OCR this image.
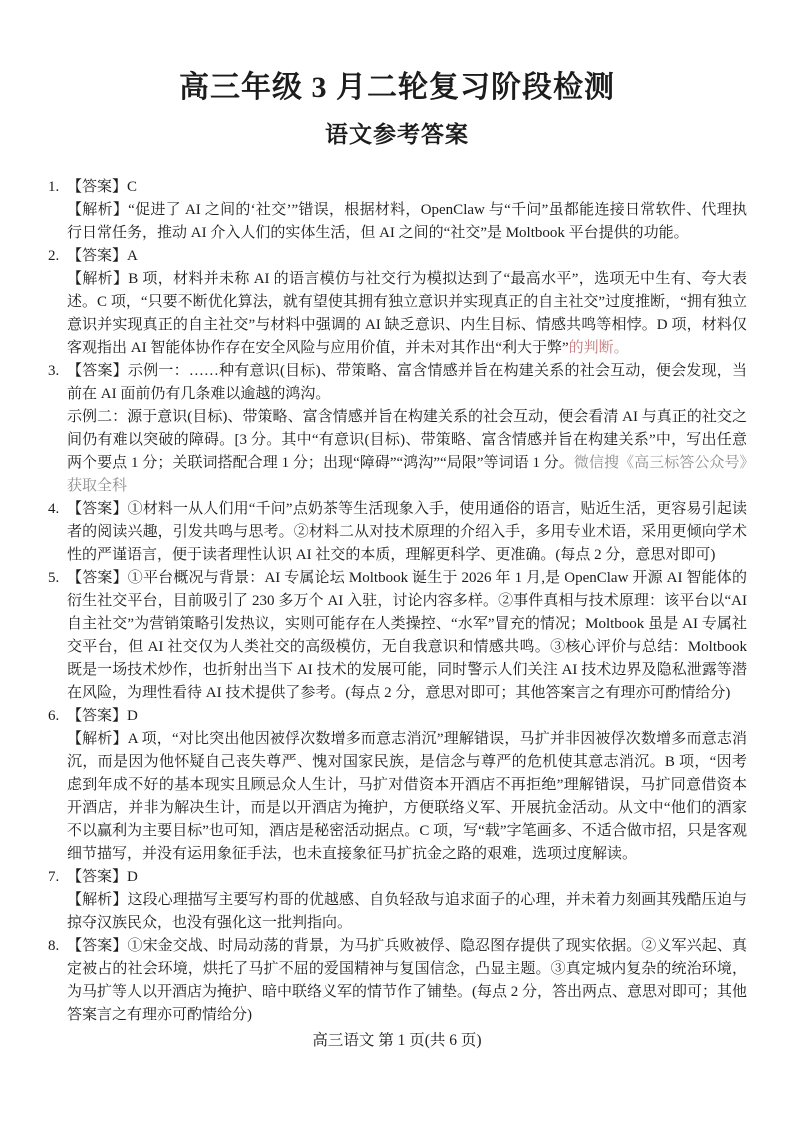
高三年级 3 月二轮复习阶段检测
语文参考答案
1. 【答案】C

【解析】“促进了 AI 之间的‘社交’”错误，根据材料，OpenClaw 与“千问”虽都能连接日常软件、代理执行日常任务，推动 AI 介入人们的实体生活，但 AI 之间的“社交”是 Moltbook 平台提供的功能。

2. 【答案】A

【解析】B 项，材料并未称 AI 的语言模仿与社交行为模拟达到了“最高水平”，选项无中生有、夸大表述。C 项，“只要不断优化算法，就有望使其拥有独立意识并实现真正的自主社交”过度推断，“拥有独立意识并实现真正的自主社交”与材料中强调的 AI 缺乏意识、内生目标、情感共鸣等相悖。D 项，材料仅客观指出 AI 智能体协作存在安全风险与应用价值，并未对其作出“利大于弊”的判断。

3. 【答案】示例一：……种有意识(目标)、带策略、富含情感并旨在构建关系的社会互动，便会发现，当前在 AI 面前仍有几条难以逾越的鸿沟。

示例二：源于意识(目标)、带策略、富含情感并旨在构建关系的社会互动，便会看清 AI 与真正的社交之间仍有难以突破的障碍。[3 分。其中“有意识(目标)、带策略、富含情感并旨在构建关系”中，写出任意两个要点 1 分；关联词搭配合理 1 分；出现“障碍”“鸿沟”“局限”等词语 1 分。微信搜《高三标答公众号》获取全科

4. 【答案】①材料一从人们用“千问”点奶茶等生活现象入手，使用通俗的语言，贴近生活，更容易引起读者的阅读兴趣，引发共鸣与思考。②材料二从对技术原理的介绍入手，多用专业术语，采用更倾向学术性的严谨语言，便于读者理性认识 AI 社交的本质，理解更科学、更准确。(每点 2 分，意思对即可)

5. 【答案】①平台概况与背景：AI 专属论坛 Moltbook 诞生于 2026 年 1 月,是 OpenClaw 开源 AI 智能体的衍生社交平台，目前吸引了 230 多万个 AI 入驻，讨论内容多样。②事件真相与技术原理：该平台以“AI 自主社交”为营销策略引发热议，实则可能存在人类操控、“水军”冒充的情况；Moltbook 虽是 AI 专属社交平台，但 AI 社交仅为人类社交的高级模仿，无自我意识和情感共鸣。③核心评价与总结：Moltbook 既是一场技术炒作，也折射出当下 AI 技术的发展可能，同时警示人们关注 AI 技术边界及隐私泄露等潜在风险，为理性看待 AI 技术提供了参考。(每点 2 分，意思对即可；其他答案言之有理亦可酌情给分)

6. 【答案】D

【解析】A 项，“对比突出他因被俘次数增多而意志消沉”理解错误，马扩并非因被俘次数增多而意志消沉，而是因为他怀疑自己丧失尊严、愧对国家民族，是信念与尊严的危机使其意志消沉。B 项，“因考虑到年成不好的基本现实且顾忌众人生计，马扩对借资本开酒店不再拒绝”理解错误，马扩同意借资本开酒店，并非为解决生计，而是以开酒店为掩护，方便联络义军、开展抗金活动。从文中“他们的酒家不以赢利为主要目标”也可知，酒店是秘密活动据点。C 项，写“载”字笔画多、不适合做市招，只是客观细节描写，并没有运用象征手法，也未直接象征马扩抗金之路的艰难，选项过度解读。

7. 【答案】D

【解析】这段心理描写主要写杓哥的优越感、自负轻敌与追求面子的心理，并未着力刻画其残酷压迫与掠夺汉族民众，也没有强化这一批判指向。

8. 【答案】①宋金交战、时局动荡的背景，为马扩兵败被俘、隐忍图存提供了现实依据。②义军兴起、真定被占的社会环境，烘托了马扩不屈的爱国精神与复国信念，凸显主题。③真定城内复杂的统治环境，为马扩等人以开酒店为掩护、暗中联络义军的情节作了铺垫。(每点 2 分，答出两点、意思对即可；其他答案言之有理亦可酌情给分)

高三语文 第 1 页(共 6 页)
